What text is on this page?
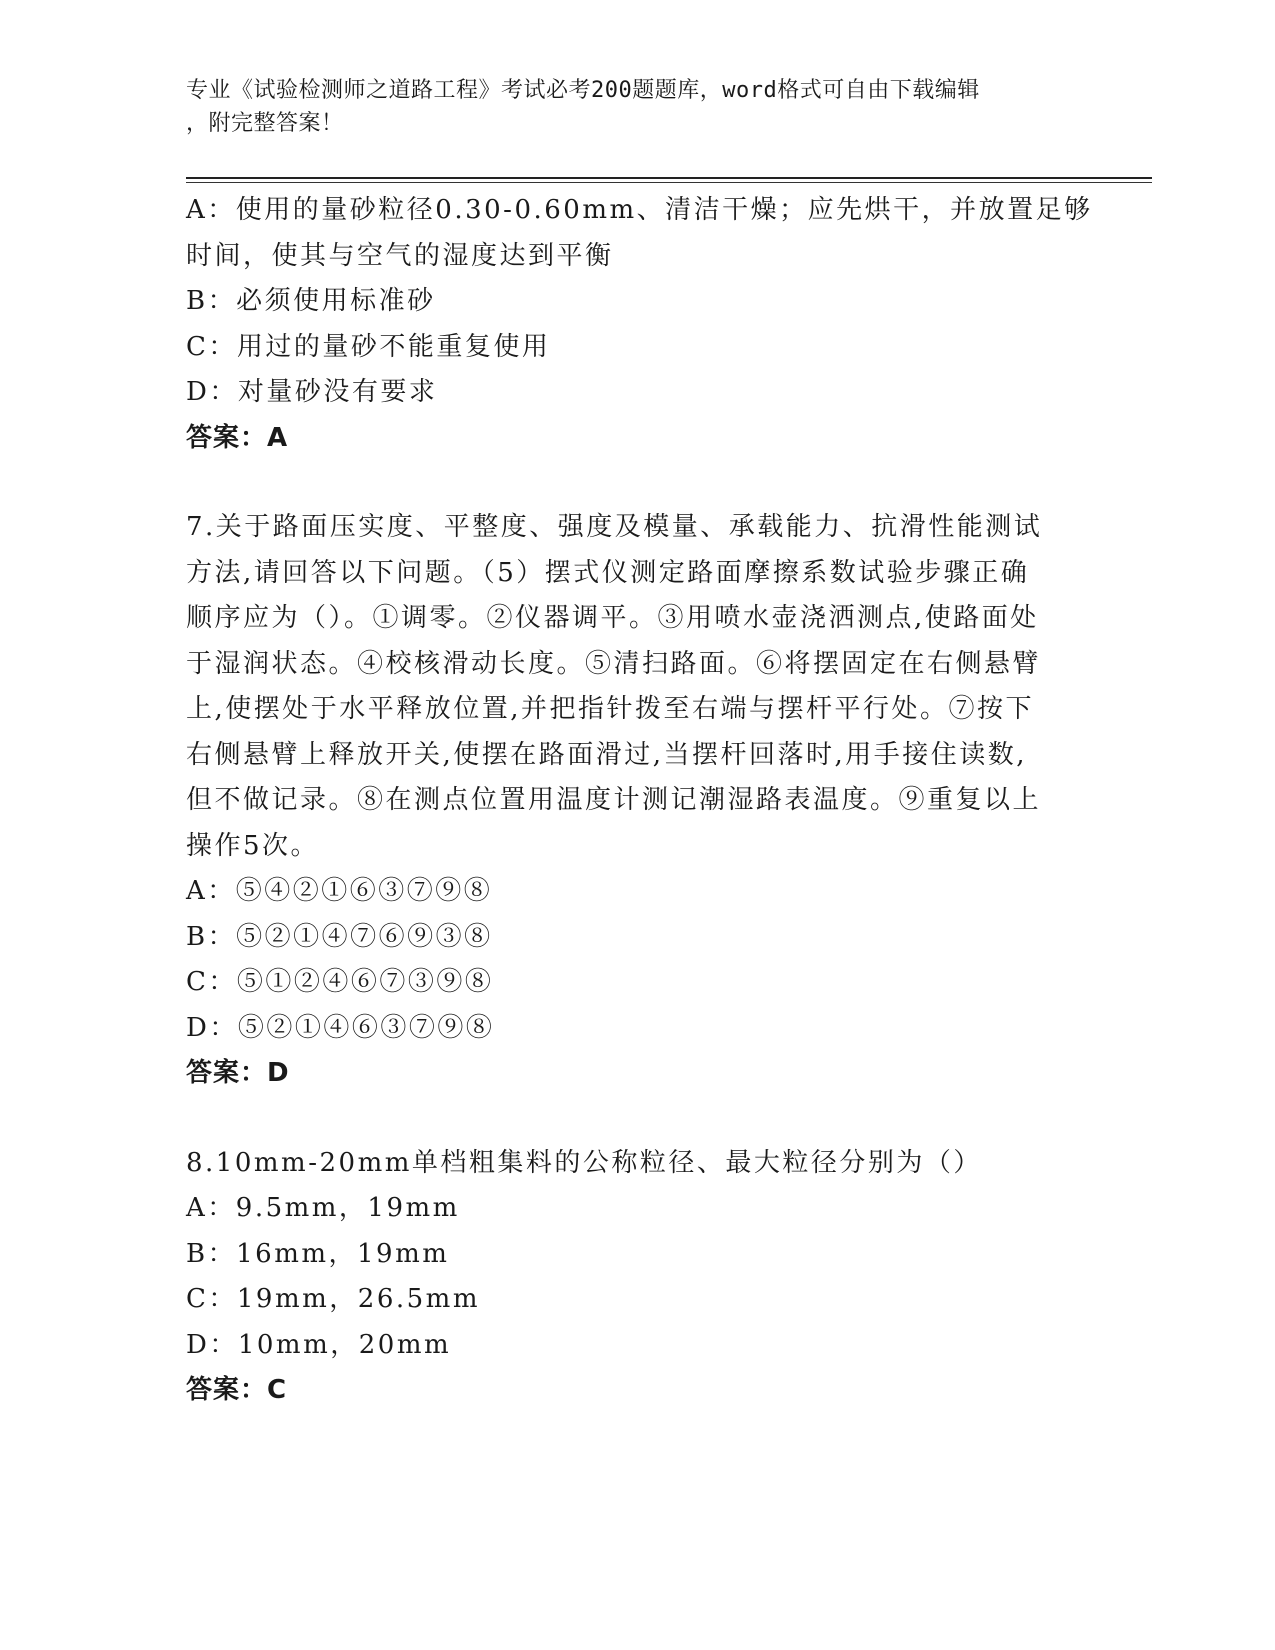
专业《试验检测师之道路工程》考试必考200题题库，word格式可自由下载编辑
，附完整答案！
A：使用的量砂粒径0.30-0.60mm、清洁干燥；应先烘干，并放置足够
时间，使其与空气的湿度达到平衡
B：必须使用标准砂
C：用过的量砂不能重复使用
D：对量砂没有要求
答案：A
7.关于路面压实度、平整度、强度及模量、承载能力、抗滑性能测试
方法,请回答以下问题。（5）摆式仪测定路面摩擦系数试验步骤正确
顺序应为（）。①调零。②仪器调平。③用喷水壶浇洒测点,使路面处
于湿润状态。④校核滑动长度。⑤清扫路面。⑥将摆固定在右侧悬臂
上,使摆处于水平释放位置,并把指针拨至右端与摆杆平行处。⑦按下
右侧悬臂上释放开关,使摆在路面滑过,当摆杆回落时,用手接住读数,
但不做记录。⑧在测点位置用温度计测记潮湿路表温度。⑨重复以上
操作5次。
A：⑤④②①⑥③⑦⑨⑧
B：⑤②①④⑦⑥⑨③⑧
C：⑤①②④⑥⑦③⑨⑧
D：⑤②①④⑥③⑦⑨⑧
答案：D
8.10mm-20mm单档粗集料的公称粒径、最大粒径分别为（）
A：9.5mm，19mm
B：16mm，19mm
C：19mm，26.5mm
D：10mm，20mm
答案：C
